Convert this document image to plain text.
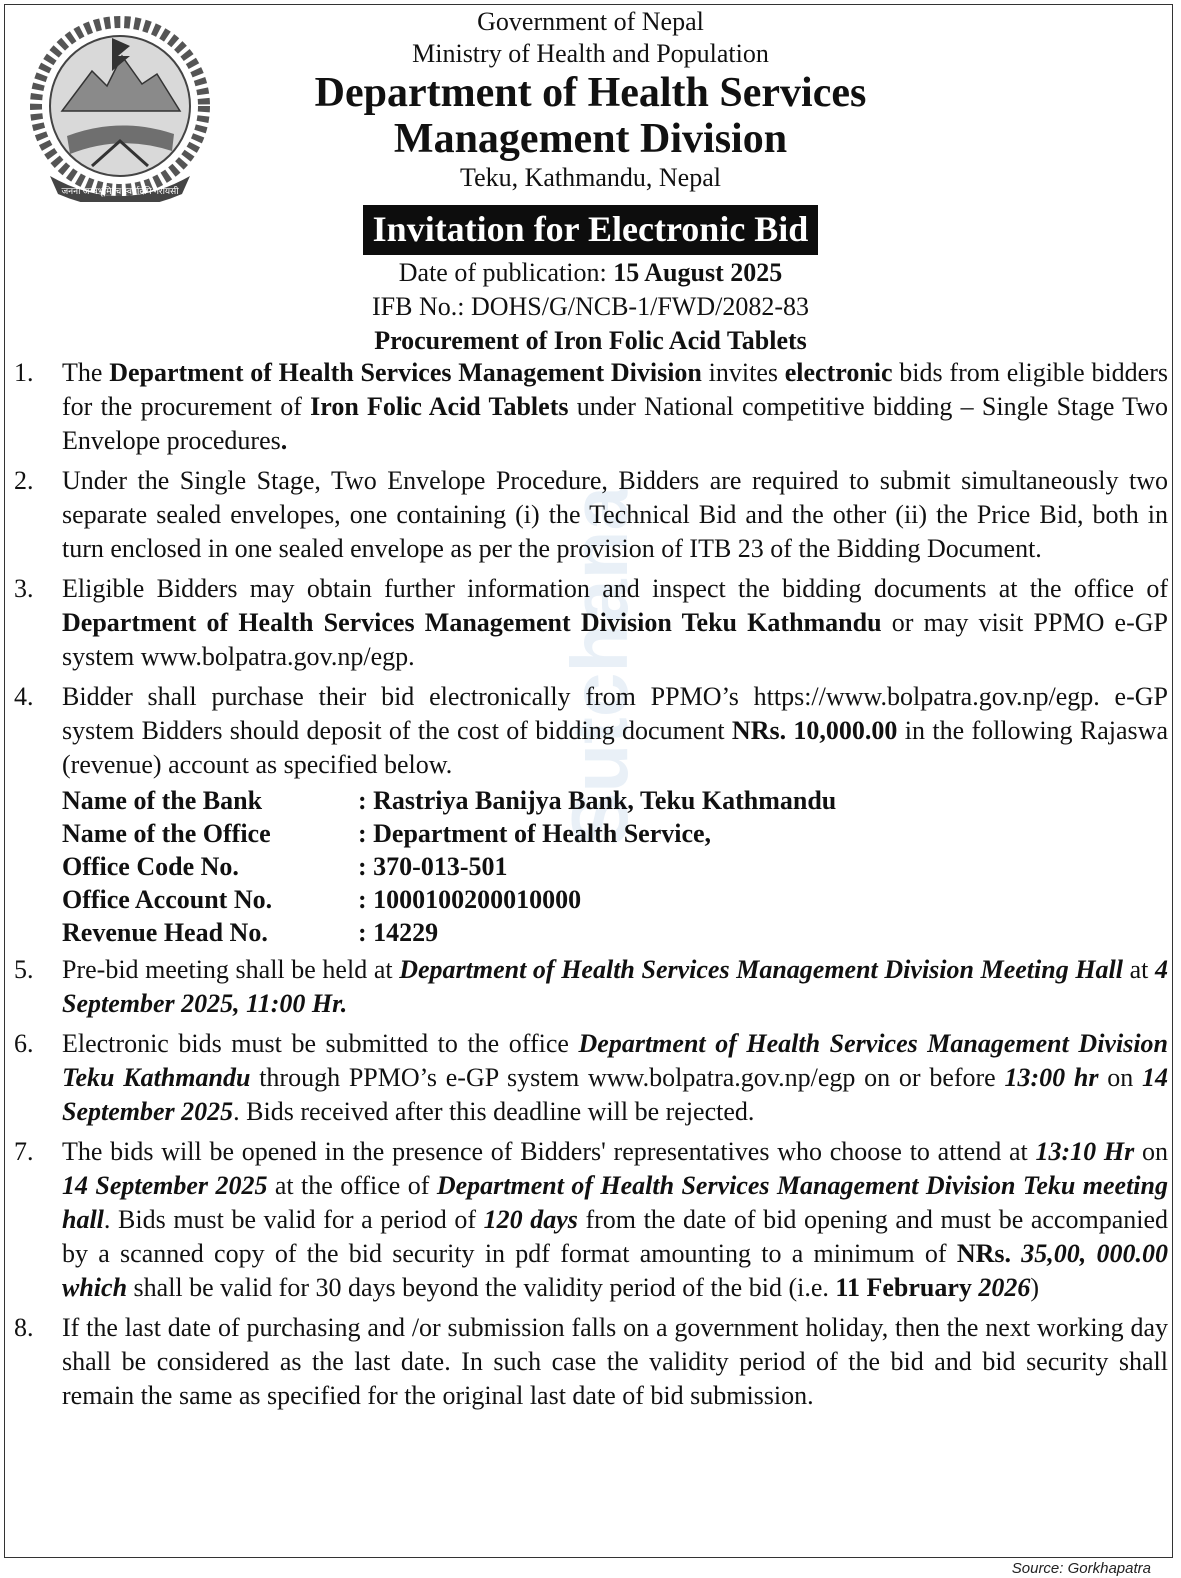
Sutchana
जननी जन्मभूमिश्च स्वर्गादपि गरीयसी
Government of Nepal
Ministry of Health and Population
Department of Health Services
Management Division
Teku, Kathmandu, Nepal
Invitation for Electronic Bid
Date of publication: 15 August 2025
IFB No.: DOHS/G/NCB-1/FWD/2082-83
Procurement of Iron Folic Acid Tablets
1.	The Department of Health Services Management Division invites electronic bids from eligible bidders for the procurement of Iron Folic Acid Tablets under National competitive bidding – Single Stage Two Envelope procedures.
2.	Under the Single Stage, Two Envelope Procedure, Bidders are required to submit simultaneously two separate sealed envelopes, one containing (i) the Technical Bid and the other (ii) the Price Bid, both in turn enclosed in one sealed envelope as per the provision of ITB 23 of the Bidding Document.
3.	Eligible Bidders may obtain further information and inspect the bidding documents at the office of Department of Health Services Management Division Teku Kathmandu or may visit PPMO e-GP system www.bolpatra.gov.np/egp.
4.	Bidder shall purchase their bid electronically from PPMO’s https://www.bolpatra.gov.np/egp. e-GP system Bidders should deposit of the cost of bidding document NRs. 10,000.00 in the following Rajaswa (revenue) account as specified below.
Name of the Bank	: Rastriya Banijya Bank, Teku Kathmandu
Name of the Office	: Department of Health Service,
Office Code No.	: 370-013-501
Office Account No.	: 1000100200010000
Revenue Head No.	: 14229
5.	Pre-bid meeting shall be held at Department of Health Services Management Division Meeting Hall at 4 September 2025, 11:00 Hr.
6.	Electronic bids must be submitted to the office Department of Health Services Management Division Teku Kathmandu through PPMO’s e-GP system www.bolpatra.gov.np/egp on or before 13:00 hr on 14 September 2025. Bids received after this deadline will be rejected.
7.	The bids will be opened in the presence of Bidders' representatives who choose to attend at 13:10 Hr on 14 September 2025 at the office of Department of Health Services Management Division Teku meeting hall. Bids must be valid for a period of 120 days from the date of bid opening and must be accompanied by a scanned copy of the bid security in pdf format amounting to a minimum of NRs. 35,00, 000.00 which shall be valid for 30 days beyond the validity period of the bid (i.e. 11 February 2026)
8.	If the last date of purchasing and /or submission falls on a government holiday, then the next working day shall be considered as the last date. In such case the validity period of the bid and bid security shall remain the same as specified for the original last date of bid submission.
Source: Gorkhapatra
